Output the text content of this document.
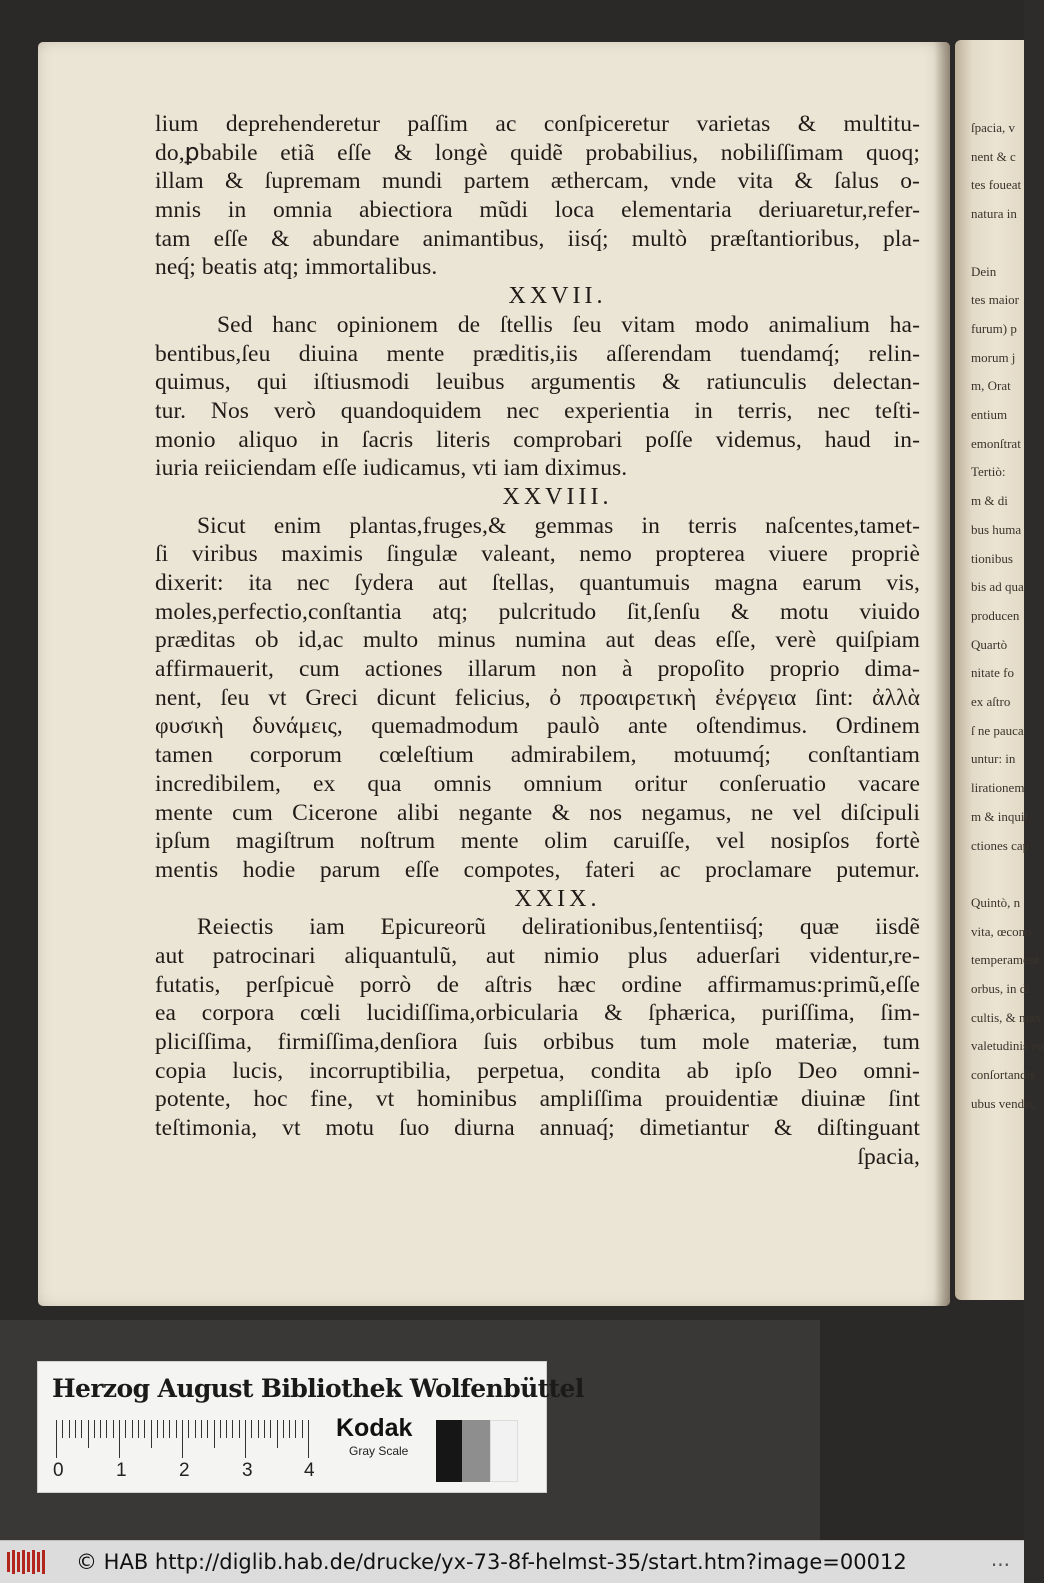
ſpacia, v
nent & c
tes foueat
natura in
Dein
tes maior
furum) p
morum j
m, Orat
entium
emonſtrat
Tertiò:
m & di
bus huma
tionibus
bis ad qua
producen
Quartò
nitate fo
ex aſtro
ſ ne pauca
untur: in
lirationem
m & inquil
ctiones cap
Quintò, n
vita, œcono
temperament
orbus, in di
cultis, & max
valetudinis eo
conſortandis
ubus vendis,
lium deprehenderetur paſſim ac conſpiceretur varietas & multitu-
do,ꝑbabile etiã eſſe & longè quidẽ probabilius, nobiliſſimam quoq;
illam & ſupremam mundi partem æthercam, vnde vita & ſalus o-
mnis in omnia abiectiora mũdi loca elementaria deriuaretur,refer-
tam eſſe & abundare animantibus, iisq́; multò præſtantioribus, pla-
neq́; beatis atq; immortalibus.
XXVII.
Sed hanc opinionem de ſtellis ſeu vitam modo animalium ha-
bentibus,ſeu diuina mente præditis,iis aſſerendam tuendamq́; relin-
quimus, qui iſtiusmodi leuibus argumentis & ratiunculis delectan-
tur. Nos verò quandoquidem nec experientia in terris, nec teſti-
monio aliquo in ſacris literis comprobari poſſe videmus, haud in-
iuria reiiciendam eſſe iudicamus, vti iam diximus.
XXVIII.
Sicut enim plantas,fruges,& gemmas in terris naſcentes,tamet-
ſi viribus maximis ſingulæ valeant, nemo propterea viuere propriè
dixerit: ita nec ſydera aut ſtellas, quantumuis magna earum vis,
moles,perfectio,conſtantia atq; pulcritudo ſit,ſenſu & motu viuido
præditas ob id,ac multo minus numina aut deas eſſe, verè quiſpiam
affirmauerit, cum actiones illarum non à propoſito proprio dima-
nent, ſeu vt Greci dicunt felicius, ὀ προαιρετικὴ ἐνέργεια ſint: ἀλλὰ
φυσικὴ δυνάμεις, quemadmodum paulò ante oſtendimus. Ordinem
tamen corporum cœleſtium admirabilem, motuumq́; conſtantiam
incredibilem, ex qua omnis omnium oritur conſeruatio vacare
mente cum Cicerone alibi negante & nos negamus, ne vel diſcipuli
ipſum magiſtrum noſtrum mente olim caruiſſe, vel nosipſos fortè
mentis hodie parum eſſe compotes, fateri ac proclamare putemur.
XXIX.
Reiectis iam Epicureorũ delirationibus,ſententiisq́; quæ iisdẽ
aut patrocinari aliquantulũ, aut nimio plus aduerſari videntur,re-
futatis, perſpicuè porrò de aſtris hæc ordine affirmamus:primũ,eſſe
ea corpora cœli lucidiſſima,orbicularia & ſphærica, puriſſima, ſim-
pliciſſima, firmiſſima,denſiora ſuis orbibus tum mole materiæ, tum
copia lucis, incorruptibilia, perpetua, condita ab ipſo Deo omni-
potente, hoc fine, vt hominibus ampliſſima prouidentiæ diuinæ ſint
teſtimonia, vt motu ſuo diurna annuaq́; dimetiantur & diſtinguant
ſpacia,
Herzog August Bibliothek Wolfenbüttel
0	1	2	3	4
Kodak
Gray Scale
© HAB http://diglib.hab.de/drucke/yx-73-8f-helmst-35/start.htm?image=00012	...
